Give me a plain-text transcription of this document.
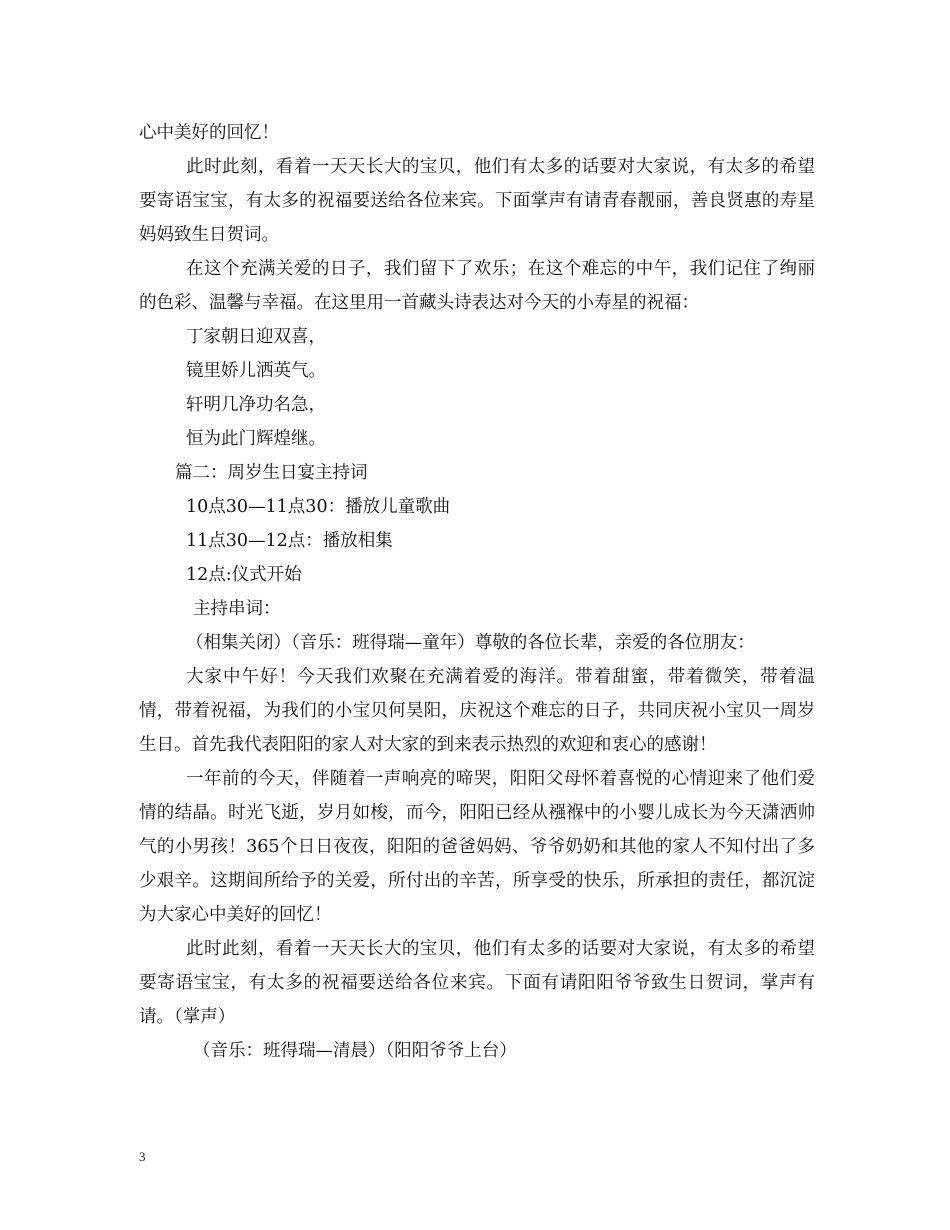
心中美好的回忆！

此时此刻，看着一天天长大的宝贝，他们有太多的话要对大家说，有太多的希望要寄语宝宝，有太多的祝福要送给各位来宾。下面掌声有请青春靓丽，善良贤惠的寿星妈妈致生日贺词。

在这个充满关爱的日子，我们留下了欢乐；在这个难忘的中午，我们记住了绚丽的色彩、温馨与幸福。在这里用一首藏头诗表达对今天的小寿星的祝福：

丁家朝日迎双喜，

镜里娇儿洒英气。

轩明几净功名急，

恒为此门辉煌继。

篇二：周岁生日宴主持词

10点30—11点30：播放儿童歌曲

11点30—12点：播放相集

12点:仪式开始

主持串词：

（相集关闭）（音乐：班得瑞—童年）尊敬的各位长辈，亲爱的各位朋友：

大家中午好！今天我们欢聚在充满着爱的海洋。带着甜蜜，带着微笑，带着温情，带着祝福，为我们的小宝贝何昊阳，庆祝这个难忘的日子，共同庆祝小宝贝一周岁生日。首先我代表阳阳的家人对大家的到来表示热烈的欢迎和衷心的感谢！

一年前的今天，伴随着一声响亮的啼哭，阳阳父母怀着喜悦的心情迎来了他们爱情的结晶。时光飞逝，岁月如梭，而今，阳阳已经从襁褓中的小婴儿成长为今天潇洒帅气的小男孩！365个日日夜夜，阳阳的爸爸妈妈、爷爷奶奶和其他的家人不知付出了多少艰辛。这期间所给予的关爱，所付出的辛苦，所享受的快乐，所承担的责任，都沉淀为大家心中美好的回忆！

此时此刻，看着一天天长大的宝贝，他们有太多的话要对大家说，有太多的希望要寄语宝宝，有太多的祝福要送给各位来宾。下面有请阳阳爷爷致生日贺词，掌声有请。（掌声）

（音乐：班得瑞—清晨）（阳阳爷爷上台）

3
